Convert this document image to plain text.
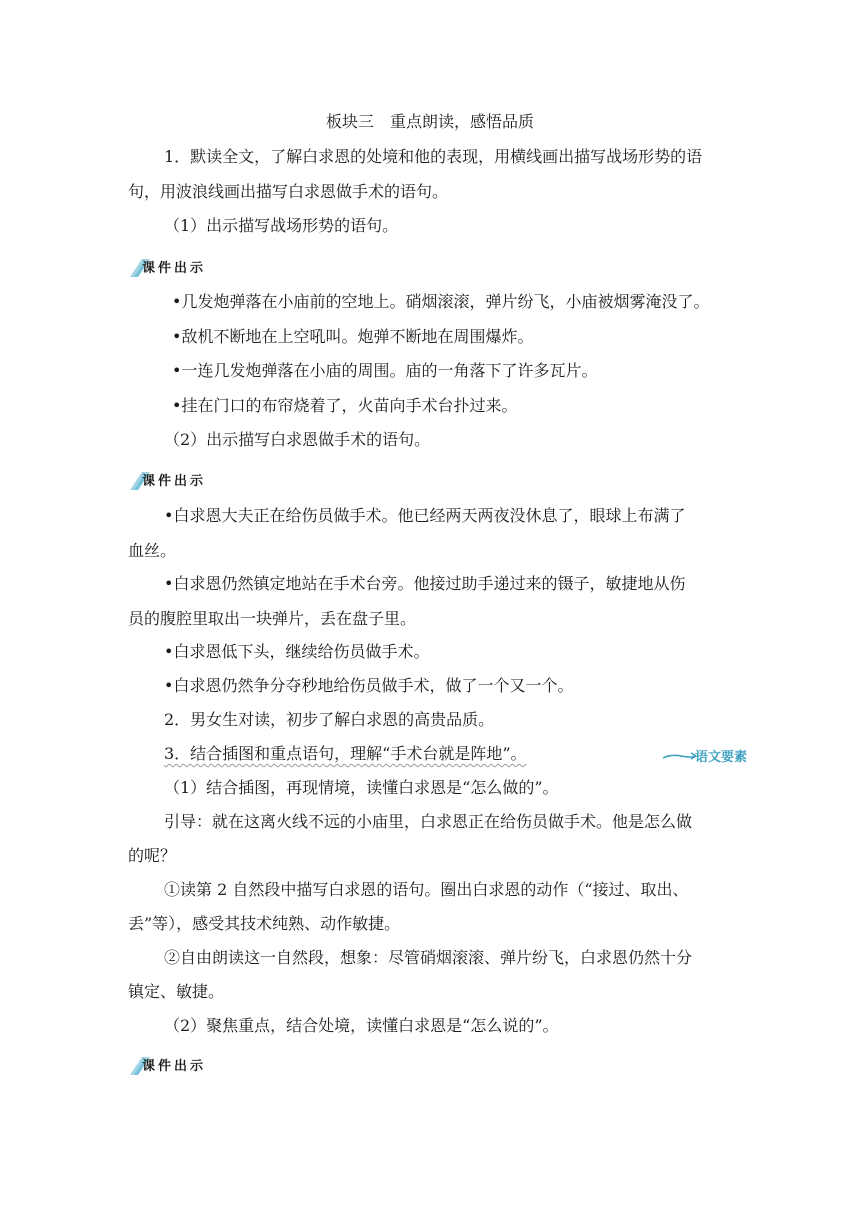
板块三　重点朗读，感悟品质
1．默读全文，了解白求恩的处境和他的表现，用横线画出描写战场形势的语
句，用波浪线画出描写白求恩做手术的语句。
（1）出示描写战场形势的语句。
课件出示
•几发炮弹落在小庙前的空地上。硝烟滚滚，弹片纷飞，小庙被烟雾淹没了。
•敌机不断地在上空吼叫。炮弹不断地在周围爆炸。
•一连几发炮弹落在小庙的周围。庙的一角落下了许多瓦片。
•挂在门口的布帘烧着了，火苗向手术台扑过来。
（2）出示描写白求恩做手术的语句。
课件出示
•白求恩大夫正在给伤员做手术。他已经两天两夜没休息了，眼球上布满了
血丝。
•白求恩仍然镇定地站在手术台旁。他接过助手递过来的镊子，敏捷地从伤
员的腹腔里取出一块弹片，丢在盘子里。
•白求恩低下头，继续给伤员做手术。
•白求恩仍然争分夺秒地给伤员做手术，做了一个又一个。
2．男女生对读，初步了解白求恩的高贵品质。
3．结合插图和重点语句，理解“手术台就是阵地”。	语文要素
（1）结合插图，再现情境，读懂白求恩是“怎么做的”。
引导：就在这离火线不远的小庙里，白求恩正在给伤员做手术。他是怎么做
的呢？
①读第 2 自然段中描写白求恩的语句。圈出白求恩的动作（“接过、取出、
丢”等），感受其技术纯熟、动作敏捷。
②自由朗读这一自然段，想象：尽管硝烟滚滚、弹片纷飞，白求恩仍然十分
镇定、敏捷。
（2）聚焦重点，结合处境，读懂白求恩是“怎么说的”。
课件出示
